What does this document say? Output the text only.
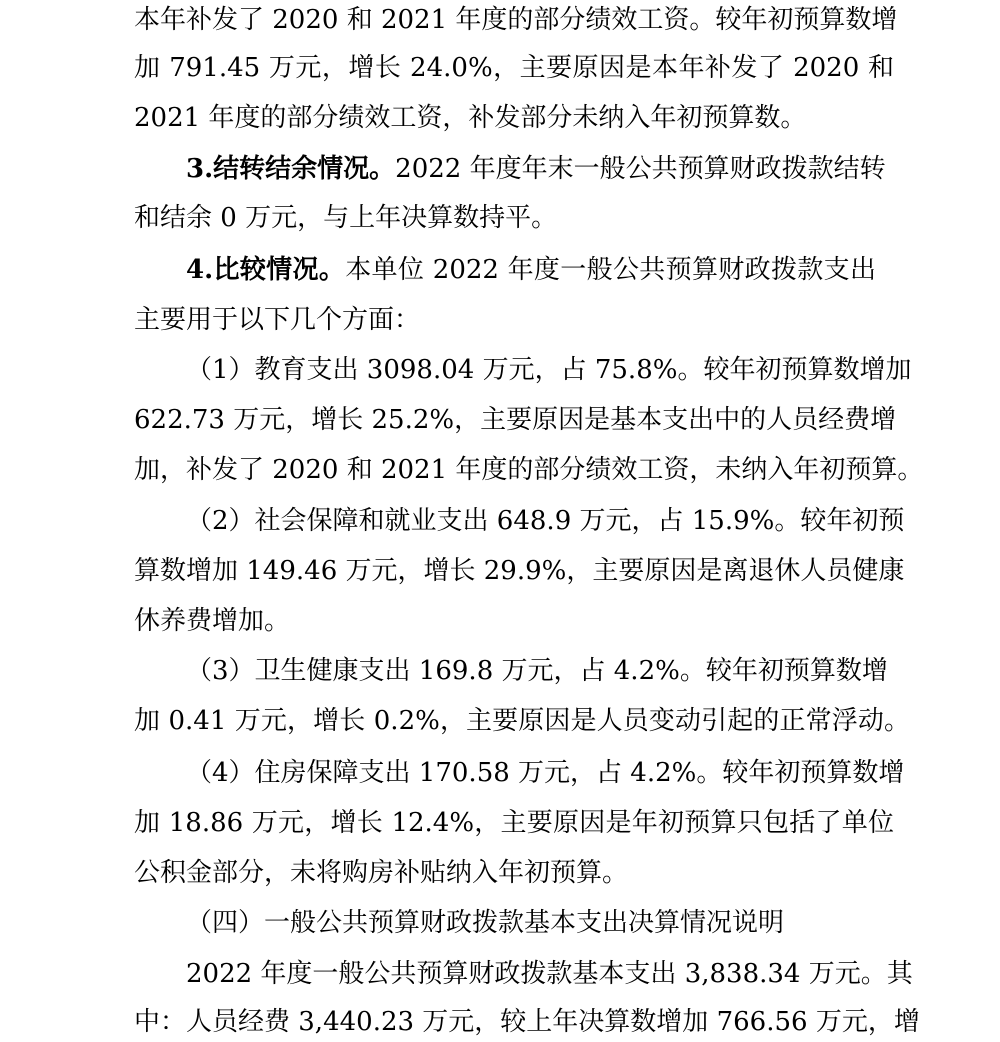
本年补发了 2020 和 2021 年度的部分绩效工资。较年初预算数增
加 791.45 万元，增长 24.0%，主要原因是本年补发了 2020 和
2021 年度的部分绩效工资，补发部分未纳入年初预算数。
3.结转结余情况。2022 年度年末一般公共预算财政拨款结转
和结余 0 万元，与上年决算数持平。
4.比较情况。本单位 2022 年度一般公共预算财政拨款支出
主要用于以下几个方面：
（1）教育支出 3098.04 万元，占 75.8%。较年初预算数增加
622.73 万元，增长 25.2%，主要原因是基本支出中的人员经费增
加，补发了 2020 和 2021 年度的部分绩效工资，未纳入年初预算。
（2）社会保障和就业支出 648.9 万元，占 15.9%。较年初预
算数增加 149.46 万元，增长 29.9%，主要原因是离退休人员健康
休养费增加。
（3）卫生健康支出 169.8 万元，占 4.2%。较年初预算数增
加 0.41 万元，增长 0.2%，主要原因是人员变动引起的正常浮动。
（4）住房保障支出 170.58 万元，占 4.2%。较年初预算数增
加 18.86 万元，增长 12.4%，主要原因是年初预算只包括了单位
公积金部分，未将购房补贴纳入年初预算。
（四）一般公共预算财政拨款基本支出决算情况说明
2022 年度一般公共预算财政拨款基本支出 3,838.34 万元。其
中：人员经费 3,440.23 万元，较上年决算数增加 766.56 万元，增
